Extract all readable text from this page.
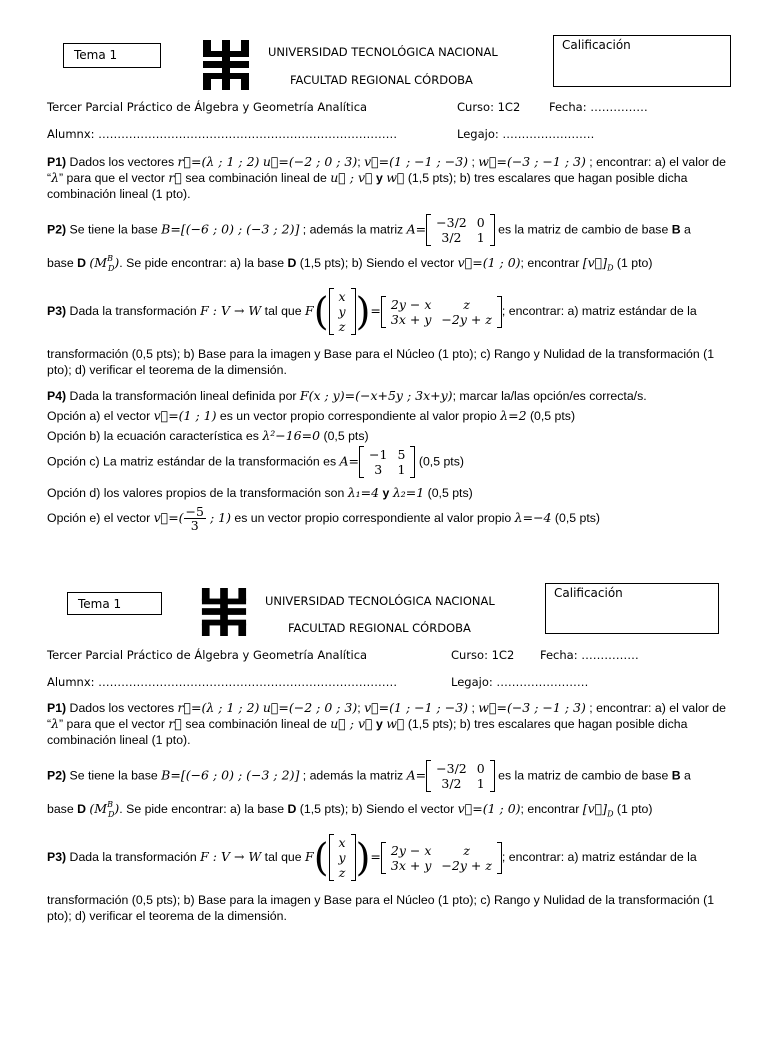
Tema 1	UNIVERSIDAD TECNOLÓGICA NACIONAL
FACULTAD REGIONAL CÓRDOBA
Calificación
Tercer Parcial Práctico de Álgebra y Geometría Analítica	Curso: 1C2 Fecha: ……………
Alumnx: ……………………………………………………………………	Legajo: ……………………
P1) Dados los vectores r⃗=(λ ; 1 ; 2) u⃗=(−2 ; 0 ; 3); v⃗=(1 ; −1 ; −3) ; w⃗=(−3 ; −1 ; 3) ; encontrar: a) el valor de “λ” para que el vector r⃗ sea combinación lineal de u⃗ ; v⃗ y w⃗ (1,5 pts); b) tres escalares que hagan posible dicha combinación lineal (1 pto).
P2) Se tiene la base B=[(−6 ; 0) ; (−3 ; 2)] ; además la matriz A= −3/2	0
3/2	1
es la matriz de cambio de base B a
base D $(M^B_D)$. Se pide encontrar: a) la base D (1,5 pts); b) Siendo el vector v⃗=(1 ; 0); encontrar $[v⃗]_D$ (1 pto)
P3) Dada la transformación F : V → W tal que F( x
y
z )= 2y − x	z
3x + y	−2y + z
; encontrar: a) matriz estándar de la
transformación (0,5 pts); b) Base para la imagen y Base para el Núcleo (1 pto); c) Rango y Nulidad de la transformación (1 pto); d) verificar el teorema de la dimensión.
P4) Dada la transformación lineal definida por F(x ; y)=(−x+5y ; 3x+y); marcar la/las opción/es correcta/s.
Opción a) el vector v⃗=(1 ; 1) es un vector propio correspondiente al valor propio λ=2 (0,5 pts)
Opción b) la ecuación característica es λ²−16=0 (0,5 pts)
Opción c) La matriz estándar de la transformación es A= −1	5
3	1
(0,5 pts)
Opción d) los valores propios de la transformación son λ₁=4 y λ₂=1 (0,5 pts)
Opción e) el vector v⃗=( $\frac{-5}{3}$ ; 1) es un vector propio correspondiente al valor propio λ=−4 (0,5 pts)
Tema 1	UNIVERSIDAD TECNOLÓGICA NACIONAL
FACULTAD REGIONAL CÓRDOBA
Calificación
Tercer Parcial Práctico de Álgebra y Geometría Analítica	Curso: 1C2 Fecha: ……………
Alumnx: ……………………………………………………………………	Legajo: ……………………
P1) Dados los vectores r⃗=(λ ; 1 ; 2) u⃗=(−2 ; 0 ; 3); v⃗=(1 ; −1 ; −3) ; w⃗=(−3 ; −1 ; 3) ; encontrar: a) el valor de “λ” para que el vector r⃗ sea combinación lineal de u⃗ ; v⃗ y w⃗ (1,5 pts); b) tres escalares que hagan posible dicha combinación lineal (1 pto).
P2) Se tiene la base B=[(−6 ; 0) ; (−3 ; 2)] ; además la matriz A= −3/2	0
3/2	1
es la matriz de cambio de base B a
base D $(M^B_D)$. Se pide encontrar: a) la base D (1,5 pts); b) Siendo el vector v⃗=(1 ; 0); encontrar $[v⃗]_D$ (1 pto)
P3) Dada la transformación F : V → W tal que F( x
y
z )= 2y − x	z
3x + y	−2y + z
; encontrar: a) matriz estándar de la
transformación (0,5 pts); b) Base para la imagen y Base para el Núcleo (1 pto); c) Rango y Nulidad de la transformación (1 pto); d) verificar el teorema de la dimensión.
